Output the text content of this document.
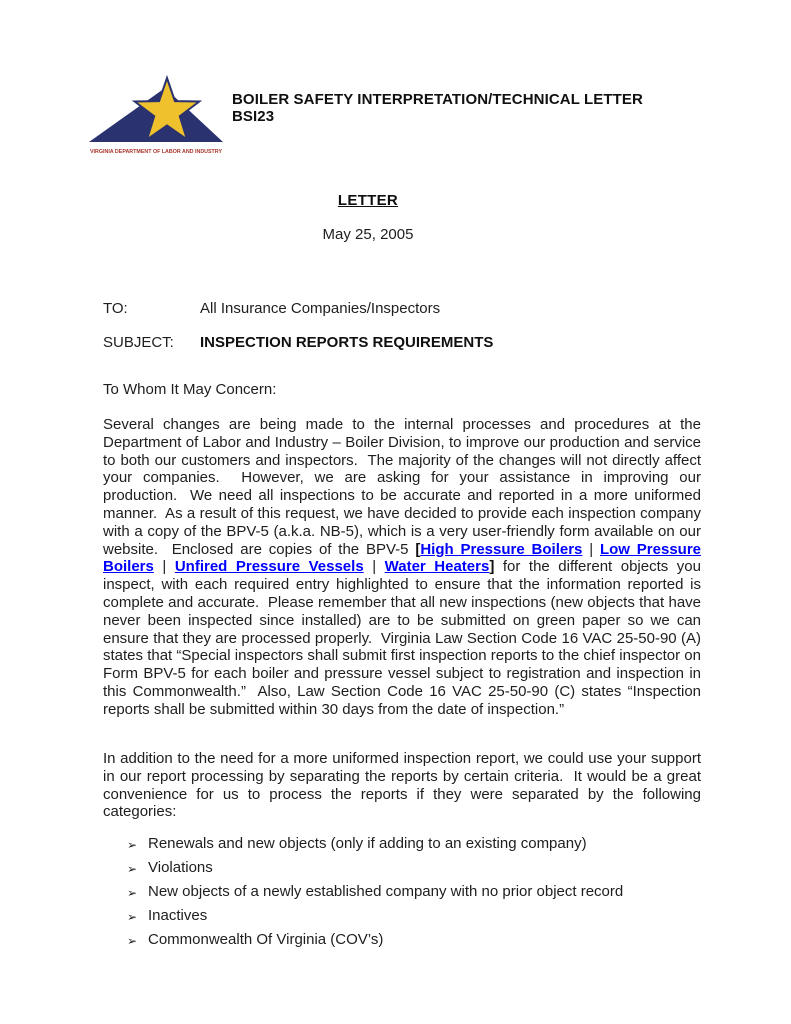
VIRGINIA DEPARTMENT OF LABOR AND INDUSTRY
BOILER SAFETY INTERPRETATION/TECHNICAL LETTER
BSI23
LETTER
May 25, 2005
TO:	All Insurance Companies/Inspectors
SUBJECT: INSPECTION REPORTS REQUIREMENTS
To Whom It May Concern:
Several changes are being made to the internal processes and procedures at the Department of Labor and Industry – Boiler Division, to improve our production and service to both our customers and inspectors.  The majority of the changes will not directly affect your companies.  However, we are asking for your assistance in improving our production.  We need all inspections to be accurate and reported in a more uniformed manner.  As a result of this request, we have decided to provide each inspection company with a copy of the BPV-5 (a.k.a. NB-5), which is a very user-friendly form available on our website.  Enclosed are copies of the BPV-5 [High Pressure Boilers | Low Pressure Boilers | Unfired Pressure Vessels | Water Heaters] for the different objects you inspect, with each required entry highlighted to ensure that the information reported is complete and accurate.  Please remember that all new inspections (new objects that have never been inspected since installed) are to be submitted on green paper so we can ensure that they are processed properly.  Virginia Law Section Code 16 VAC 25-50-90 (A) states that “Special inspectors shall submit first inspection reports to the chief inspector on Form BPV-5 for each boiler and pressure vessel subject to registration and inspection in this Commonwealth.”  Also, Law Section Code 16 VAC 25-50-90 (C) states “Inspection reports shall be submitted within 30 days from the date of inspection.”
In addition to the need for a more uniformed inspection report, we could use your support in our report processing by separating the reports by certain criteria.  It would be a great convenience for us to process the reports if they were separated by the following categories:
➢ Renewals and new objects (only if adding to an existing company)
➢ Violations
➢ New objects of a newly established company with no prior object record
➢ Inactives
➢ Commonwealth Of Virginia (COV’s)
